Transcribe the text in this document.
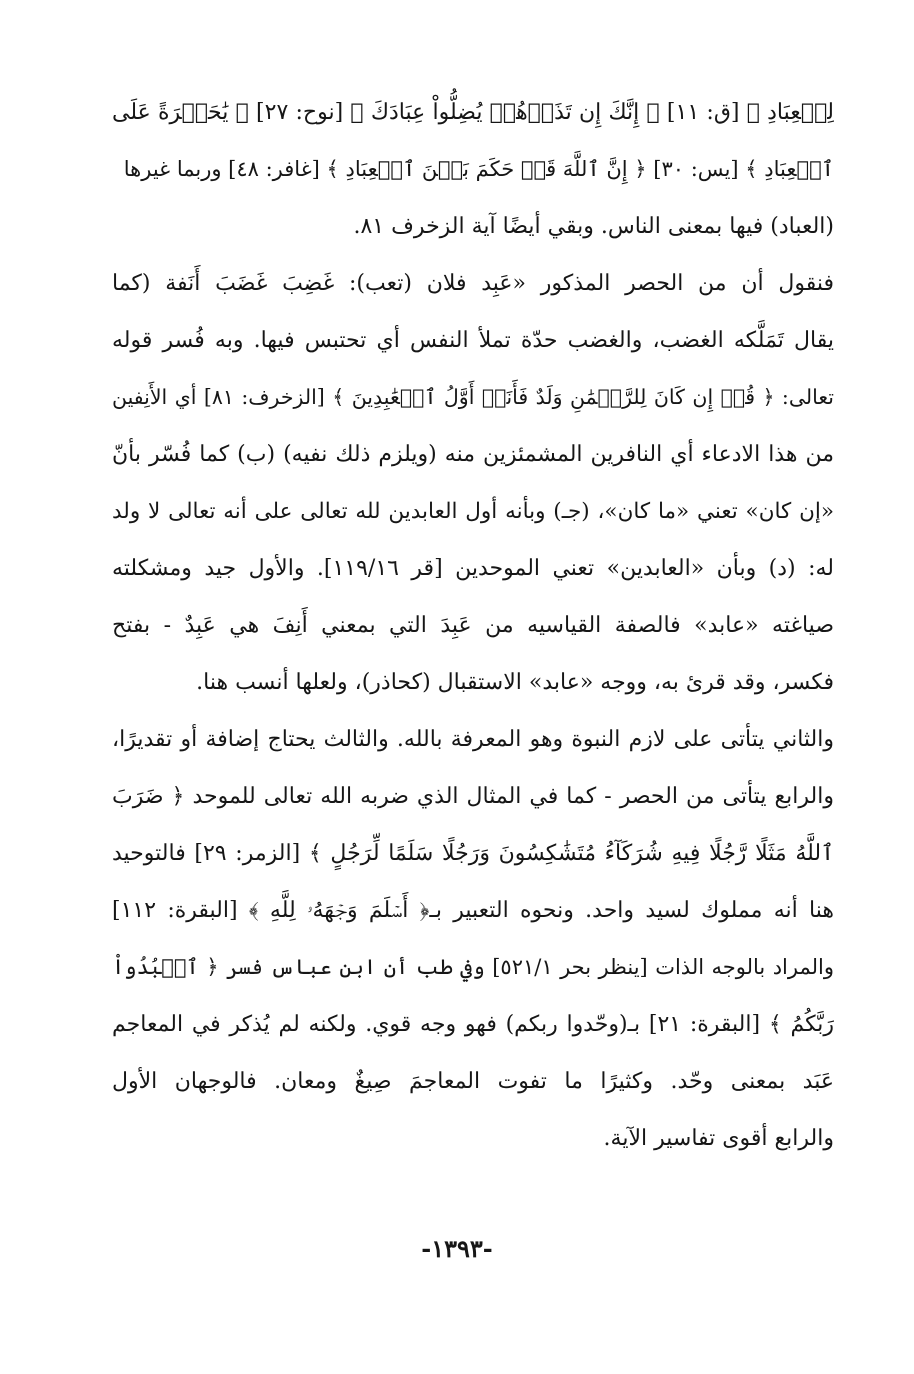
لِلۡعِبَادِ ﴾ [ق: ١١] ﴿ إِنَّكَ إِن تَذَرۡهُمۡ يُضِلُّواْ عِبَادَكَ ﴾ [نوح: ٢٧] ﴿ يَٰحَسۡرَةً عَلَى
ٱلۡعِبَادِ ﴾ [يس: ٣٠] ﴿ إِنَّ ٱللَّهَ قَدۡ حَكَمَ بَيۡنَ ٱلۡعِبَادِ ﴾ [غافر: ٤٨] وربما غيرها
(العباد) فيها بمعنى الناس. وبقي أيضًا آية الزخرف ٨١.
فنقول أن من الحصر المذكور «عَبِد فلان (تعب): غَضِبَ غَضَبَ أَنَفة (كما
يقال تَمَلَّكه الغضب، والغضب حدّة تملأ النفس أي تحتبس فيها. وبه فُسر قوله
تعالى: ﴿ قُلۡ إِن كَانَ لِلرَّحۡمَٰنِ وَلَدٌ فَأَنَا۠ أَوَّلُ ٱلۡعَٰبِدِينَ ﴾ [الزخرف: ٨١] أي الأَنِفين
من هذا الادعاء أي النافرين المشمئزين منه (ويلزم ذلك نفيه) (ب) كما فُسّر بأنّ
«إن كان» تعني «ما كان»، (جـ) وبأنه أول العابدين لله تعالى على أنه تعالى لا ولد
له: (د) وبأن «العابدين» تعني الموحدين [قر ١١٩/١٦]. والأول جيد ومشكلته
صياغته «عابد» فالصفة القياسيه من عَبِدَ التي بمعني أَنِفَ هي عَبِدٌ - بفتح
فكسر، وقد قرئ به، ووجه «عابد» الاستقبال (كحاذر)، ولعلها أنسب هنا.
والثاني يتأتى على لازم النبوة وهو المعرفة بالله. والثالث يحتاج إضافة أو تقديرًا،
والرابع يتأتى من الحصر - كما في المثال الذي ضربه الله تعالى للموحد ﴿ ضَرَبَ
ٱللَّهُ مَثَلًا رَّجُلًا فِيهِ شُرَكَآءُ مُتَشَٰكِسُونَ وَرَجُلًا سَلَمًا لِّرَجُلٍ ﴾ [الزمر: ٢٩] فالتوحيد
هنا أنه مملوك لسيد واحد. ونحوه التعبير بـ﴿ أَسۡلَمَ وَجۡهَهُۥ لِلَّهِ ﴾ [البقرة: ١١٢]
والمراد بالوجه الذات [ينظر بحر ٥٢١/١] وفي طب أن ابن عباس فسر ﴿ ٱعۡبُدُواْ
رَبَّكُمُ ﴾ [البقرة: ٢١] بـ(وحّدوا ربكم) فهو وجه قوي. ولكنه لم يُذكر في المعاجم
عَبَد بمعنى وحّد. وكثيرًا ما تفوت المعاجمَ صِيغٌ ومعان. فالوجهان الأول
والرابع أقوى تفاسير الآية.
-١٣٩٣-
